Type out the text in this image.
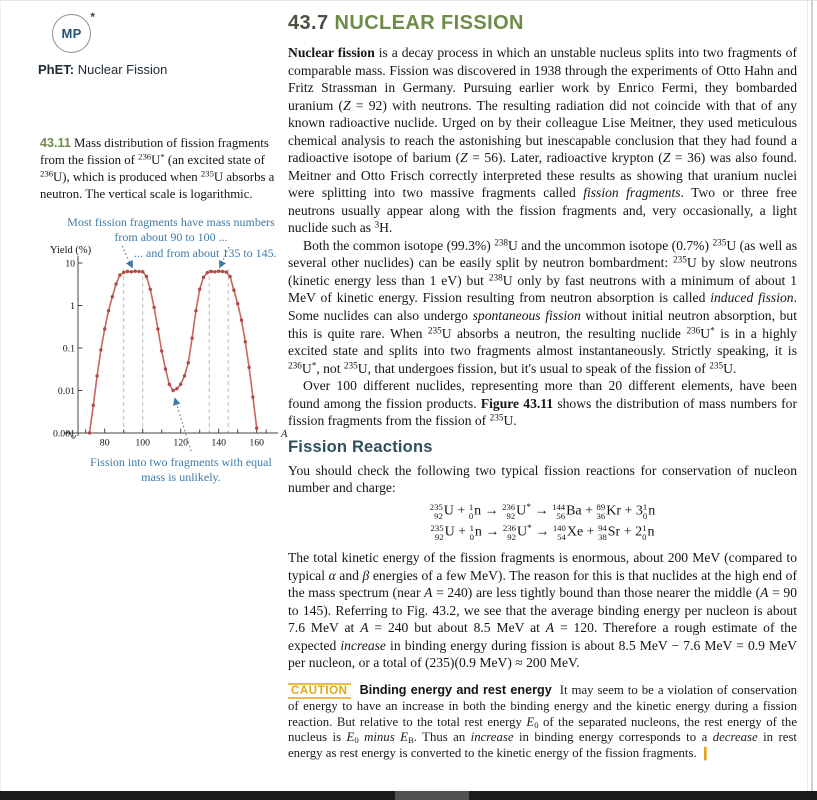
MP
*
PhET: Nuclear Fission
43.11 Mass distribution of fission fragments from the fission of $^{236}$U* (an excited state of $^{236}$U), which is produced when $^{235}$U absorbs a neutron. The vertical scale is logarithmic.
Most fission fragments have mass numbers from about 90 to 100 ...
... and from about 135 to 145.
10
1
0.1
0.01
0.001
80	100 120 140 160
Yield (%)
A
Fission into two fragments with equal mass is unlikely.
43.7 NUCLEAR FISSION

Nuclear fission is a decay process in which an unstable nucleus splits into two fragments of comparable mass. Fission was discovered in 1938 through the experiments of Otto Hahn and Fritz Strassman in Germany. Pursuing earlier work by Enrico Fermi, they bombarded uranium (Z = 92) with neutrons. The resulting radiation did not coincide with that of any known radioactive nuclide. Urged on by their colleague Lise Meitner, they used meticulous chemical analysis to reach the astonishing but inescapable conclusion that they had found a radioactive isotope of barium (Z = 56). Later, radioactive krypton (Z = 36) was also found. Meitner and Otto Frisch correctly interpreted these results as showing that uranium nuclei were splitting into two massive fragments called fission fragments. Two or three free neutrons usually appear along with the fission fragments and, very occasionally, a light nuclide such as $^3$H.

Both the common isotope (99.3%) $^{238}$U and the uncommon isotope (0.7%) $^{235}$U (as well as several other nuclides) can be easily split by neutron bombardment: $^{235}$U by slow neutrons (kinetic energy less than 1 eV) but $^{238}$U only by fast neutrons with a minimum of about 1 MeV of kinetic energy. Fission resulting from neutron absorption is called induced fission. Some nuclides can also undergo spontaneous fission without initial neutron absorption, but this is quite rare. When $^{235}$U absorbs a neutron, the resulting nuclide $^{236}$U* is in a highly excited state and splits into two fragments almost instantaneously. Strictly speaking, it is $^{236}$U*, not $^{235}$U, that undergoes fission, but it's usual to speak of the fission of $^{235}$U.

Over 100 different nuclides, representing more than 20 different elements, have been found among the fission products. Figure 43.11 shows the distribution of mass numbers for fission fragments from the fission of $^{235}$U.

Fission Reactions

You should check the following two typical fission reactions for conservation of nucleon number and charge:

235
92 U + 1
0 n → 236
92 U* → 144
56 Ba + 89
36 Kr + 3 1
0 n
235
92 U + 1
0 n → 236
92 U* → 140
54 Xe + 94
38 Sr + 2 1
0 n

The total kinetic energy of the fission fragments is enormous, about 200 MeV (compared to typical α and β energies of a few MeV). The reason for this is that nuclides at the high end of the mass spectrum (near A = 240) are less tightly bound than those nearer the middle (A = 90 to 145). Referring to Fig. 43.2, we see that the average binding energy per nucleon is about 7.6 MeV at A = 240 but about 8.5 MeV at A = 120. Therefore a rough estimate of the expected increase in binding energy during fission is about 8.5 MeV − 7.6 MeV = 0.9 MeV per nucleon, or a total of (235)(0.9 MeV) ≈ 200 MeV.

CAUTION Binding energy and rest energy It may seem to be a violation of conservation of energy to have an increase in both the binding energy and the kinetic energy during a fission reaction. But relative to the total rest energy $E_0$ of the separated nucleons, the rest energy of the nucleus is $E_0$ minus $E_B$. Thus an increase in binding energy corresponds to a decrease in rest energy as rest energy is converted to the kinetic energy of the fission fragments. ❙
